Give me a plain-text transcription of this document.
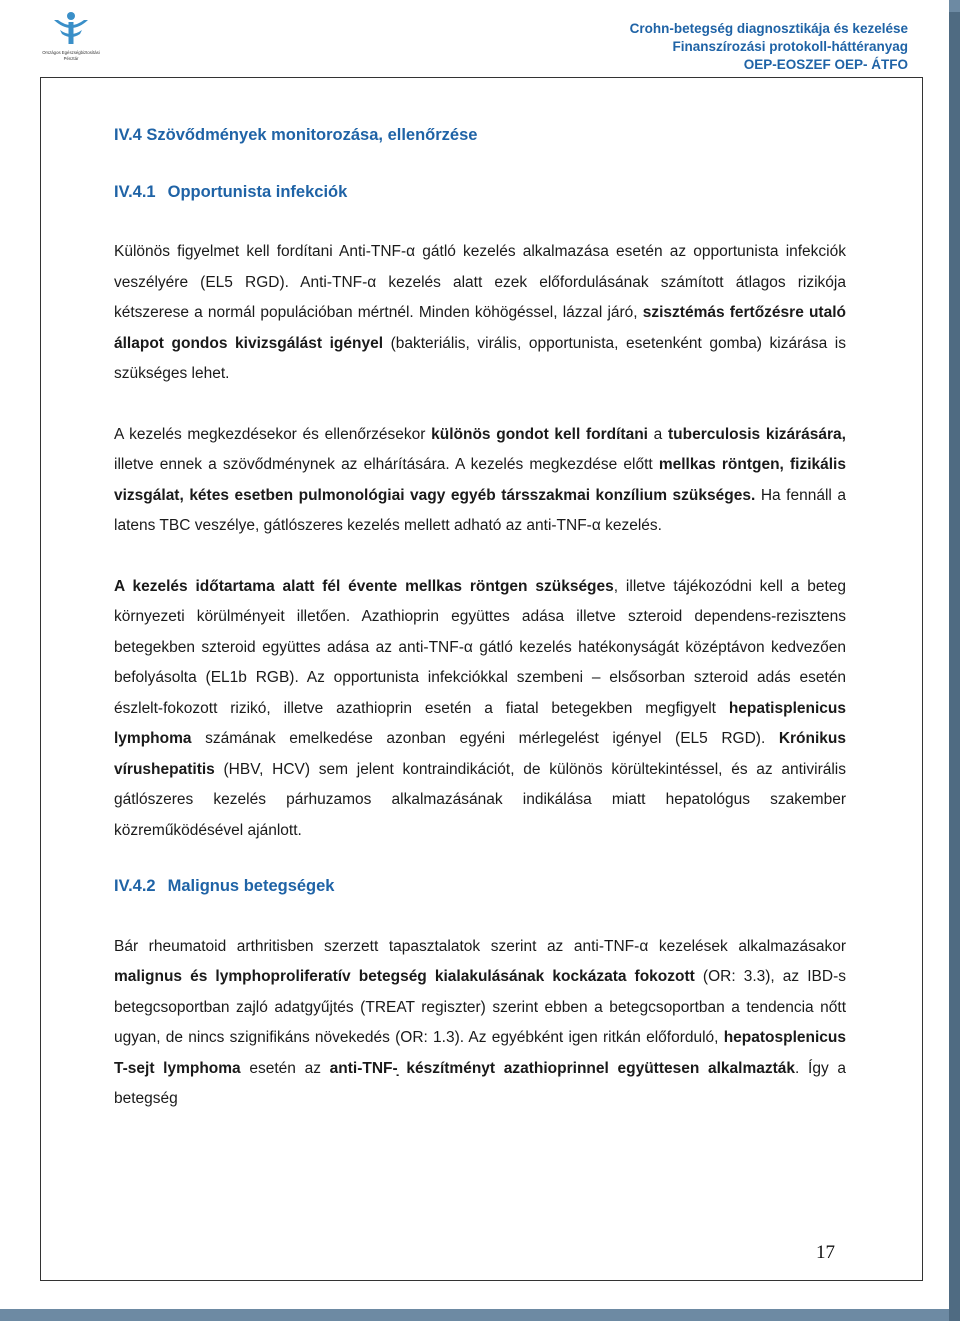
Országos Egészségbiztosítási
Pénztár
Crohn-betegség diagnosztikája és kezelése
Finanszírozási protokoll-háttéranyag
OEP-EOSZEF OEP- ÁTFO
IV.4 Szövődmények monitorozása, ellenőrzése
IV.4.1 Opportunista infekciók

Különös figyelmet kell fordítani Anti-TNF-α gátló kezelés alkalmazása esetén az opportunista infekciók veszélyére (EL5 RGD). Anti-TNF-α kezelés alatt ezek előfordulásának számított átlagos rizikója kétszerese a normál populációban mértnél. Minden köhögéssel, lázzal járó, szisztémás fertőzésre utaló állapot gondos kivizsgálást igényel (bakteriális, virális, opportunista, esetenként gomba) kizárása is szükséges lehet.

A kezelés megkezdésekor és ellenőrzésekor különös gondot kell fordítani a tuberculosis kizárására, illetve ennek a szövődménynek az elhárítására. A kezelés megkezdése előtt mellkas röntgen, fizikális vizsgálat, kétes esetben pulmonológiai vagy egyéb társszakmai konzílium szükséges. Ha fennáll a latens TBC veszélye, gátlószeres kezelés mellett adható az anti-TNF-α kezelés.

A kezelés időtartama alatt fél évente mellkas röntgen szükséges, illetve tájékozódni kell a beteg környezeti körülményeit illetően. Azathioprin együttes adása illetve szteroid dependens-rezisztens betegekben szteroid együttes adása az anti-TNF-α gátló kezelés hatékonyságát középtávon kedvezően befolyásolta (EL1b RGB). Az opportunista infekciókkal szembeni – elsősorban szteroid adás esetén észlelt-fokozott rizikó, illetve azathioprin esetén a fiatal betegekben megfigyelt hepatisplenicus lymphoma számának emelkedése azonban egyéni mérlegelést igényel (EL5 RGD). Krónikus vírushepatitis (HBV, HCV) sem jelent kontraindikációt, de különös körültekintéssel, és az antivirális gátlószeres kezelés párhuzamos alkalmazásának indikálása miatt hepatológus szakember közreműködésével ajánlott.

IV.4.2 Malignus betegségek

Bár rheumatoid arthritisben szerzett tapasztalatok szerint az anti-TNF-α kezelések alkalmazásakor malignus és lymphoproliferatív betegség kialakulásának kockázata fokozott (OR: 3.3), az IBD-s betegcsoportban zajló adatgyűjtés (TREAT regiszter) szerint ebben a betegcsoportban a tendencia nőtt ugyan, de nincs szignifikáns növekedés (OR: 1.3). Az egyébként igen ritkán előforduló, hepatosplenicus T-sejt lymphoma esetén az anti-TNF-̣ készítményt azathioprinnel együttesen alkalmazták. Így a betegség

17
